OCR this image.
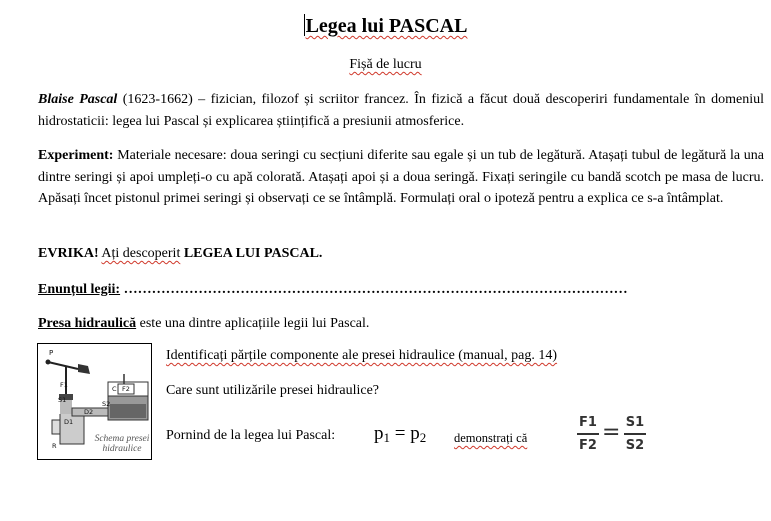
Legea lui PASCAL
Fișă de lucru
Blaise Pascal (1623-1662) – fizician, filozof și scriitor francez. În fizică a făcut două descoperiri fundamentale în domeniul hidrostaticii: legea lui Pascal și explicarea științifică a presiunii atmosferice.
Experiment: Materiale necesare: doua seringi cu secțiuni diferite sau egale și un tub de legătură. Atașați tubul de legătură la una dintre seringi și apoi umpleți-o cu apă colorată. Atașați apoi și a doua seringă. Fixați seringile cu bandă scotch pe masa de lucru. Apăsați încet pistonul primei seringi și observați ce se întâmplă. Formulați oral o ipoteză pentru a explica ce s-a întâmplat.
EVRIKA! Ați descoperit LEGEA LUI PASCAL.
Enunțul legii: ………………………………………………………………………………………………
Presa hidraulică este una dintre aplicațiile legii lui Pascal.
P
F1
S1
D2
S2
C F2
D1
R
Schema presei
hidraulice
Identificați părțile componente ale presei hidraulice (manual, pag. 14)
Care sunt utilizările presei hidraulice?
Pornind de la legea lui Pascal: $p_1 = p_2$ demonstrați că
F1
F2 = S1
S2
